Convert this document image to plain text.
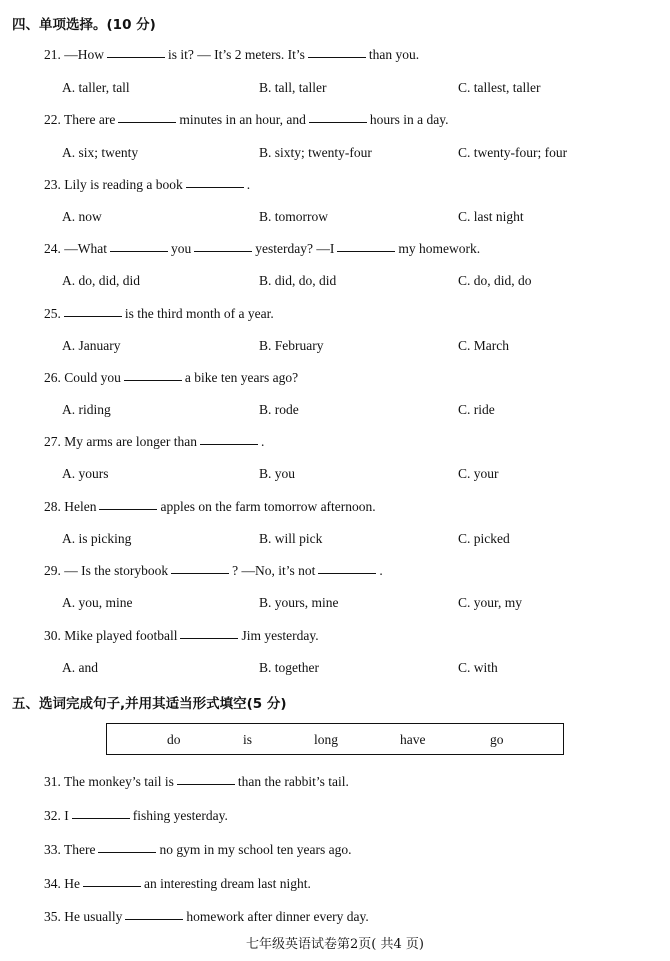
四、单项选择。(10 分)
21. —How	is it? — It’s 2 meters. It’s	than you.
A. taller, tall	B. tall, taller	C. tallest, taller
22. There are	minutes in an hour, and	hours in a day.
A. six; twenty	B. sixty; twenty-four	C. twenty-four; four
23. Lily is reading a book	.
A. now	B. tomorrow	C. last night
24. —What	you	yesterday? —I	my homework.
A. do, did, did	B. did, do, did	C. do, did, do
25.	is the third month of a year.
A. January	B. February	C. March
26. Could you	a bike ten years ago?
A. riding	B. rode	C. ride
27. My arms are longer than	.
A. yours	B. you	C. your
28. Helen	apples on the farm tomorrow afternoon.
A. is picking	B. will pick	C. picked
29. — Is the storybook	? —No, it’s not	.
A. you, mine	B. yours, mine	C. your, my
30. Mike played football	Jim yesterday.
A. and	B. together	C. with
五、选词完成句子,并用其适当形式填空(5 分)
do	is	long	have	go
31. The monkey’s tail is	than the rabbit’s tail.
32. I	fishing yesterday.
33. There	no gym in my school ten years ago.
34. He	an interesting dream last night.
35. He usually	homework after dinner every day.
七年级英语试卷第2页( 共4 页)
